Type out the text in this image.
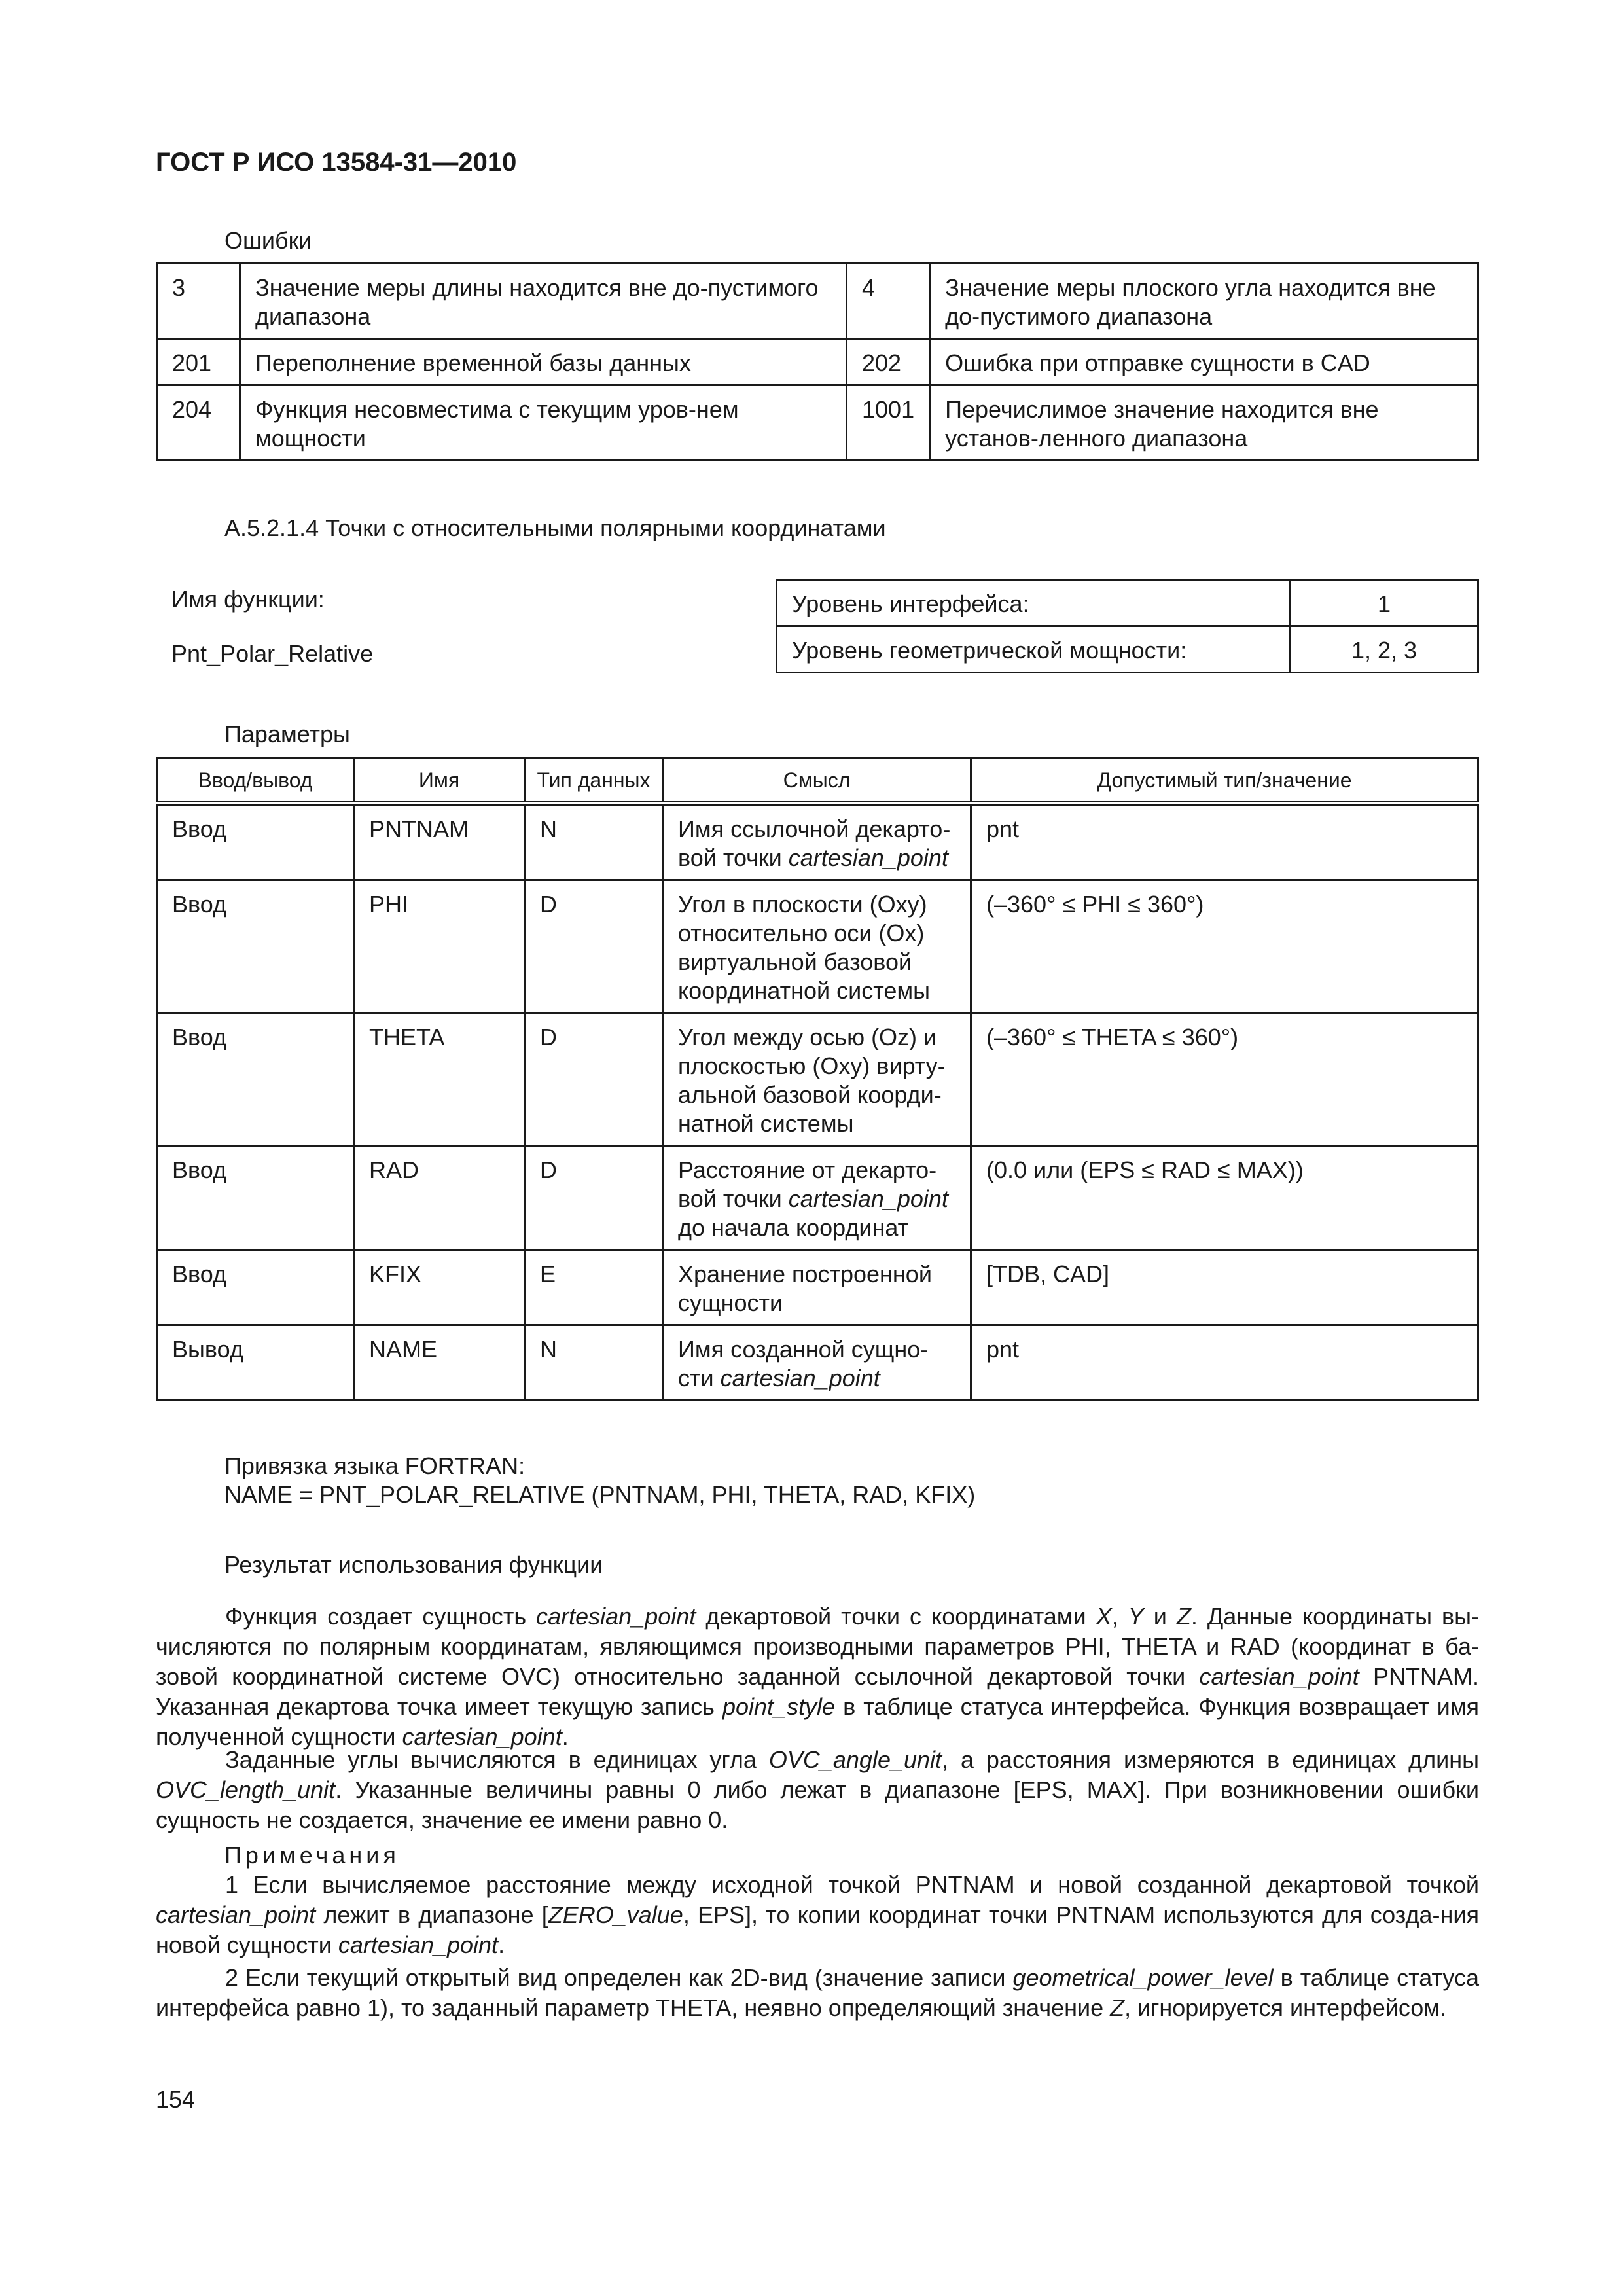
ГОСТ Р ИСО 13584-31—2010
Ошибки
3	Значение меры длины находится вне до-пустимого диапазона	4	Значение меры плоского угла находится вне до-пустимого диапазона
201	Переполнение временной базы данных	202	Ошибка при отправке сущности в CAD
204	Функция несовместима с текущим уров-нем мощности	1001	Перечислимое значение находится вне установ-ленного диапазона
А.5.2.1.4 Точки с относительными полярными координатами
Имя функции:
Pnt_Polar_Relative
Уровень интерфейса:	1
Уровень геометрической мощности:	1, 2, 3
Параметры
Ввод/вывод	Имя	Тип данных	Смысл	Допустимый тип/значение
Ввод	PNTNAM	N	Имя ссылочной декарто-вой точки cartesian_point	pnt
Ввод	PHI	D	Угол в плоскости (Oxy) относительно оси (Ox) виртуальной базовой координатной системы	(–360° ≤ PHI ≤ 360°)
Ввод	THETA	D	Угол между осью (Oz) и плоскостью (Oxy) вирту-альной базовой коорди-натной системы	(–360° ≤ THETA ≤ 360°)
Ввод	RAD	D	Расстояние от декарто-вой точки cartesian_point до начала координат	(0.0 или (EPS ≤ RAD ≤ MAX))
Ввод	KFIX	E	Хранение построенной сущности	[TDB, CAD]
Вывод	NAME	N	Имя созданной сущно-сти cartesian_point	pnt
Привязка языка FORTRAN:
NAME = PNT_POLAR_RELATIVE (PNTNAM, PHI, THETA, RAD, KFIX)
Результат использования функции
Функция создает сущность cartesian_point декартовой точки с координатами X, Y и Z. Данные координаты вы-числяются по полярным координатам, являющимся производными параметров PHI, THETA и RAD (координат в ба-зовой координатной системе OVC) относительно заданной ссылочной декартовой точки cartesian_point PNTNAM. Указанная декартова точка имеет текущую запись point_style в таблице статуса интерфейса. Функция возвращает имя полученной сущности cartesian_point.
Заданные углы вычисляются в единицах угла OVC_angle_unit, а расстояния измеряются в единицах длины OVC_length_unit. Указанные величины равны 0 либо лежат в диапазоне [EPS, MAX]. При возникновении ошибки сущность не создается, значение ее имени равно 0.
Примечания
1 Если вычисляемое расстояние между исходной точкой PNTNAM и новой созданной декартовой точкой cartesian_point лежит в диапазоне [ZERO_value, EPS], то копии координат точки PNTNAM используются для созда-ния новой сущности cartesian_point.
2 Если текущий открытый вид определен как 2D-вид (значение записи geometrical_power_level в таблице статуса интерфейса равно 1), то заданный параметр THETA, неявно определяющий значение Z, игнорируется интерфейсом.
154
